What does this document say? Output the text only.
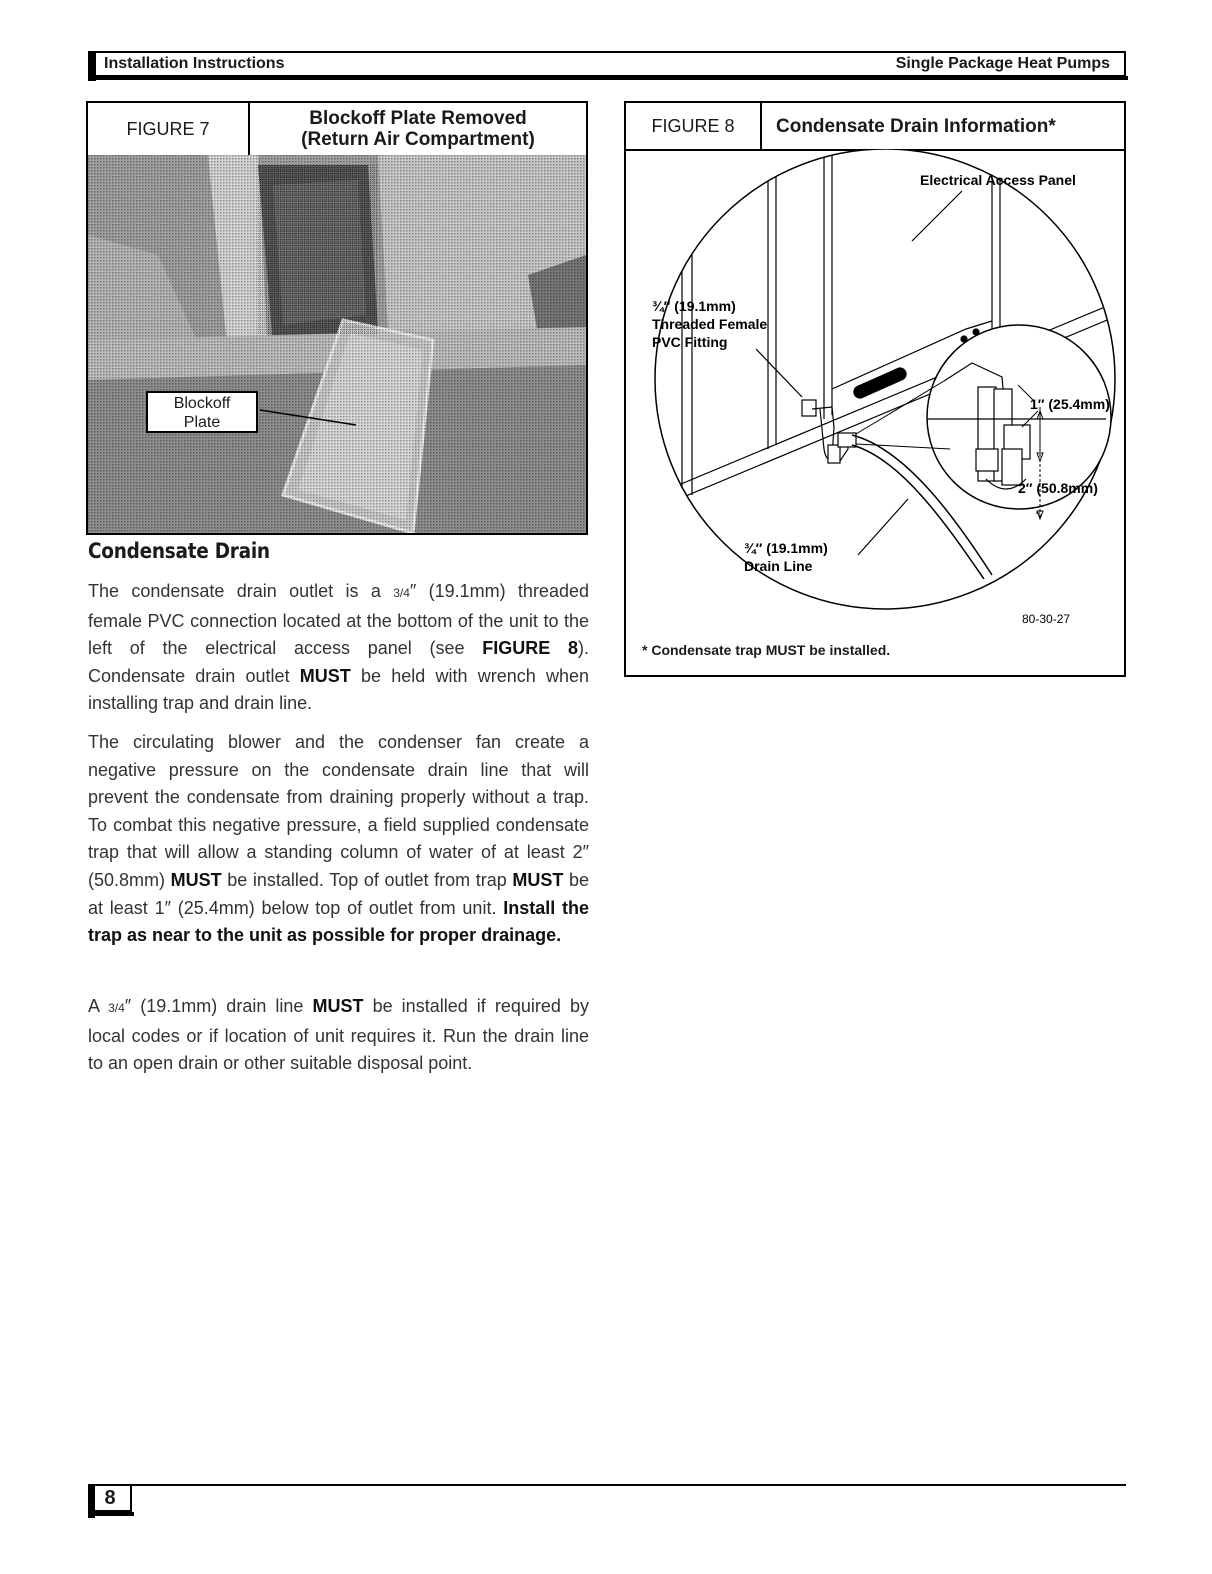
Installation Instructions	Single Package Heat Pumps
FIGURE 7	Blockoff Plate Removed
(Return Air Compartment)
Blockoff
Plate
FIGURE 8	Condensate Drain Information*
Electrical Access Panel
¾″ (19.1mm)
Threaded Female
PVC Fitting
1″ (25.4mm)
2″ (50.8mm)
¾″ (19.1mm)
Drain Line
80-30-27
* Condensate trap MUST be installed.
Condensate Drain

The condensate drain outlet is a 3/4″ (19.1mm) threaded female PVC connection located at the bottom of the unit to the left of the electrical access panel (see FIGURE 8). Condensate drain outlet MUST be held with wrench when installing trap and drain line.

The circulating blower and the condenser fan create a negative pressure on the condensate drain line that will prevent the condensate from draining properly without a trap. To combat this negative pressure, a field supplied condensate trap that will allow a standing column of water of at least 2″ (50.8mm) MUST be installed. Top of outlet from trap MUST be at least 1″ (25.4mm) below top of outlet from unit. Install the trap as near to the unit as possible for proper drainage.

A 3/4″ (19.1mm) drain line MUST be installed if required by local codes or if location of unit requires it. Run the drain line to an open drain or other suitable disposal point.

8
